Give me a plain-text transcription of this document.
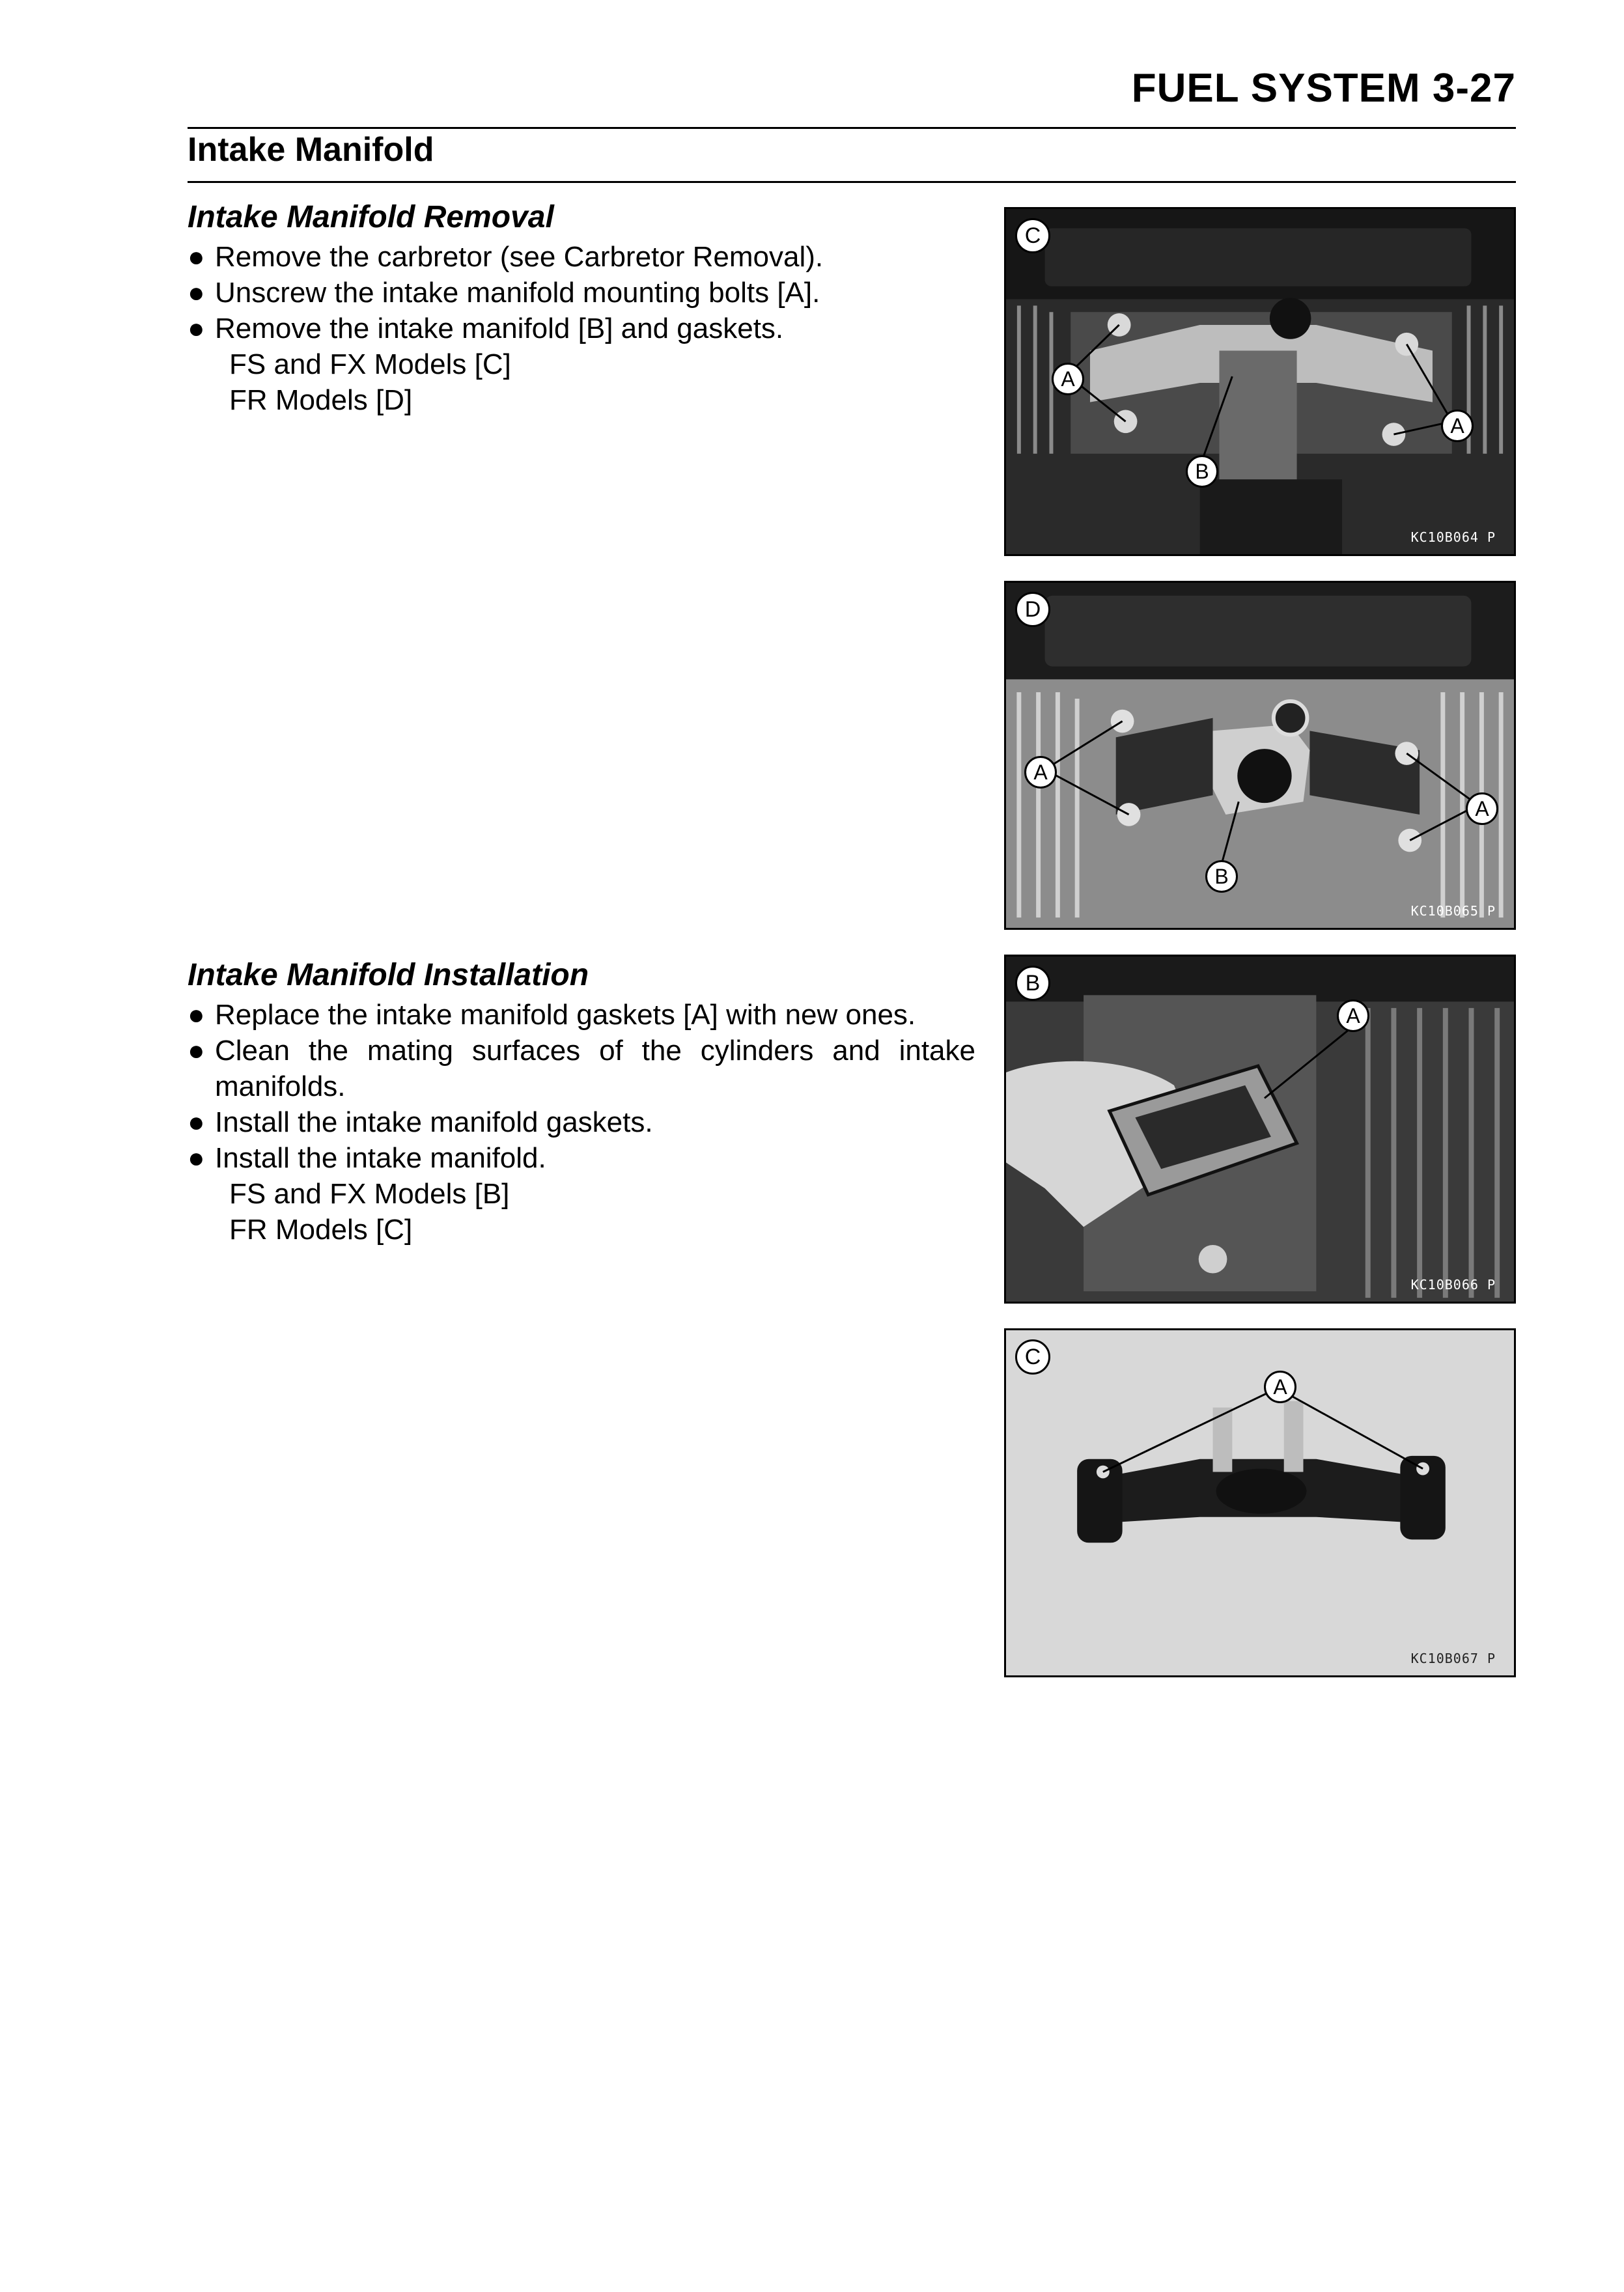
FUEL SYSTEM 3-27
Intake Manifold
Intake Manifold Removal
● Remove the carbretor (see Carbretor Removal).
● Unscrew the intake manifold mounting bolts [A].
● Remove the intake manifold [B] and gaskets.
FS and FX Models [C]
FR Models [D]
Intake Manifold Installation
● Replace the intake manifold gaskets [A] with new ones.
● Clean the mating surfaces of the cylinders and intake manifolds.
● Install the intake manifold gaskets.
● Install the intake manifold.
FS and FX Models [B]
FR Models [C]
C
A
A
B
KC10B064 P
D
A
A
B
KC10B065 P
B
A
KC10B066 P
C
A
KC10B067 P
